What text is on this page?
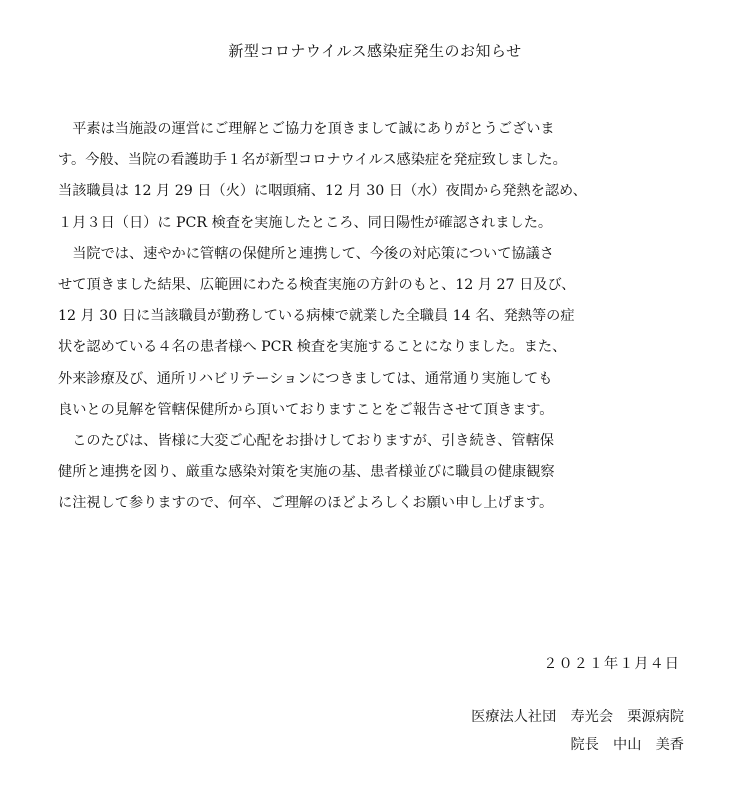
新型コロナウイルス感染症発生のお知らせ
　平素は当施設の運営にご理解とご協力を頂きまして誠にありがとうございま
す。今般、当院の看護助手１名が新型コロナウイルス感染症を発症致しました。
当該職員は 12 月 29 日（火）に咽頭痛、12 月 30 日（水）夜間から発熱を認め、
１月３日（日）に PCR 検査を実施したところ、同日陽性が確認されました。
　当院では、速やかに管轄の保健所と連携して、今後の対応策について協議さ
せて頂きました結果、広範囲にわたる検査実施の方針のもと、12 月 27 日及び、
12 月 30 日に当該職員が勤務している病棟で就業した全職員 14 名、発熱等の症
状を認めている４名の患者様へ PCR 検査を実施することになりました。また、
外来診療及び、通所リハビリテーションにつきましては、通常通り実施しても
良いとの見解を管轄保健所から頂いておりますことをご報告させて頂きます。
　このたびは、皆様に大変ご心配をお掛けしておりますが、引き続き、管轄保
健所と連携を図り、厳重な感染対策を実施の基、患者様並びに職員の健康観察
に注視して参りますので、何卒、ご理解のほどよろしくお願い申し上げます。
２０２１年１月４日
医療法人社団　寿光会　栗源病院
院長　中山　美香
